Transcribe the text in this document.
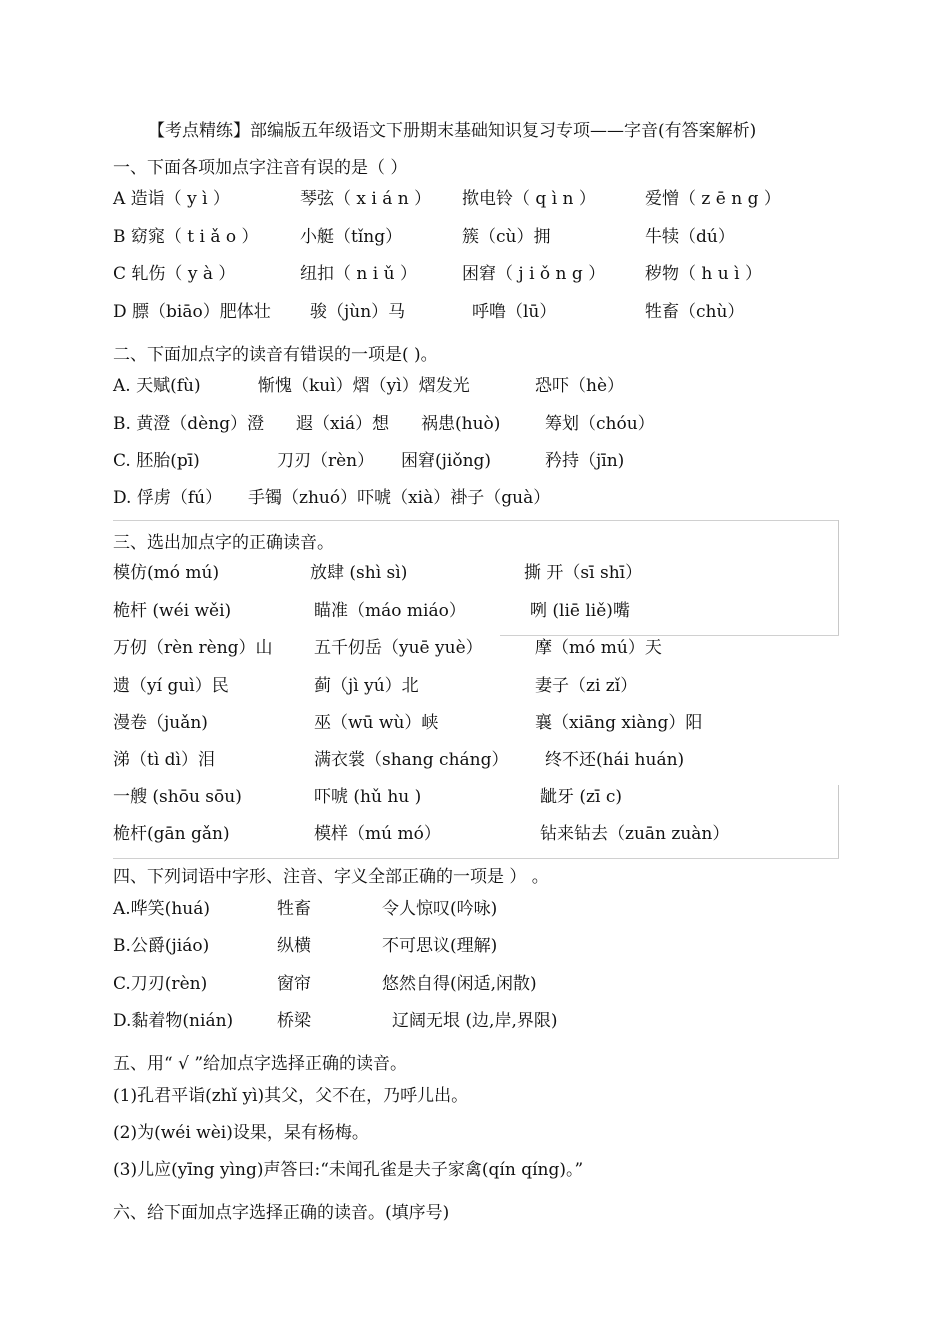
【考点精练】部编版五年级语文下册期末基础知识复习专项——字音(有答案解析)
一、下面各项加点字注音有误的是（ ）
A 造诣（ y ì ）	琴弦（ x i á n ） 揿电铃（ q ì n ）	爱憎（ z ē n g ）
B 窈窕（ t i ǎ o ） 小艇（tǐng）	簇（cù）拥	牛犊（dú）
C 轧伤（ y à ）	纽扣（ n i ǔ ）	困窘（ j i ǒ n g ） 秽物（ h u ì ）
D 膘（biāo）肥体壮 骏（jùn）马	呼噜（lū）	牲畜（chù）
二、下面加点字的读音有错误的一项是( )。
A. 天赋(fù)	惭愧（kuì）熠（yì）熠发光	恐吓（hè）
B. 黄澄（dèng）澄 遐（xiá）想 祸患(huò)	筹划（chóu）
C. 胚胎(pī)	刀刃（rèn） 困窘(jiǒng)	矜持（jīn)
D. 俘虏（fú） 手镯（zhuó）吓唬（xià）褂子（guà）
三、选出加点字的正确读音。
模仿(mó mú)	放肆 (shì sì)	撕 开（sī shī）
桅杆 (wéi wěi)	瞄准（máo miáo）	咧 (liē liě)嘴
万仞（rèn rèng）山 五千仞岳（yuē yuè）	摩（mó mú）天
遗（yí guì）民	蓟（jì yú）北	妻子（zi zǐ）
漫卷（juǎn)	巫（wū wù）峡	襄（xiāng xiàng）阳
涕（tì dì）泪	满衣裳（shang cháng） 终不还(hái huán)
一艘 (shōu sōu)	吓唬 (hǔ hu )	龇牙 (zī c)
桅杆(gān gǎn)	模样（mú mó）	钻来钻去（zuān zuàn）
四、下列词语中字形、注音、字义全部正确的一项是 ） 。
A.哗笑(huá)	牲畜	令人惊叹(吟咏)
B.公爵(jiáo)	纵横	不可思议(理解)
C.刀刃(rèn)	窗帘	悠然自得(闲适,闲散)
D.黏着物(nián)	桥梁	辽阔无垠 (边,岸,界限)
五、用“ √ ”给加点字选择正确的读音。
(1)孔君平诣(zhǐ yì)其父，父不在，乃呼儿出。
(2)为(wéi wèi)设果，杲有杨梅。
(3)儿应(yīng yìng)声答曰:“未闻孔雀是夫子家禽(qín qíng)。”
六、给下面加点字选择正确的读音。(填序号)
